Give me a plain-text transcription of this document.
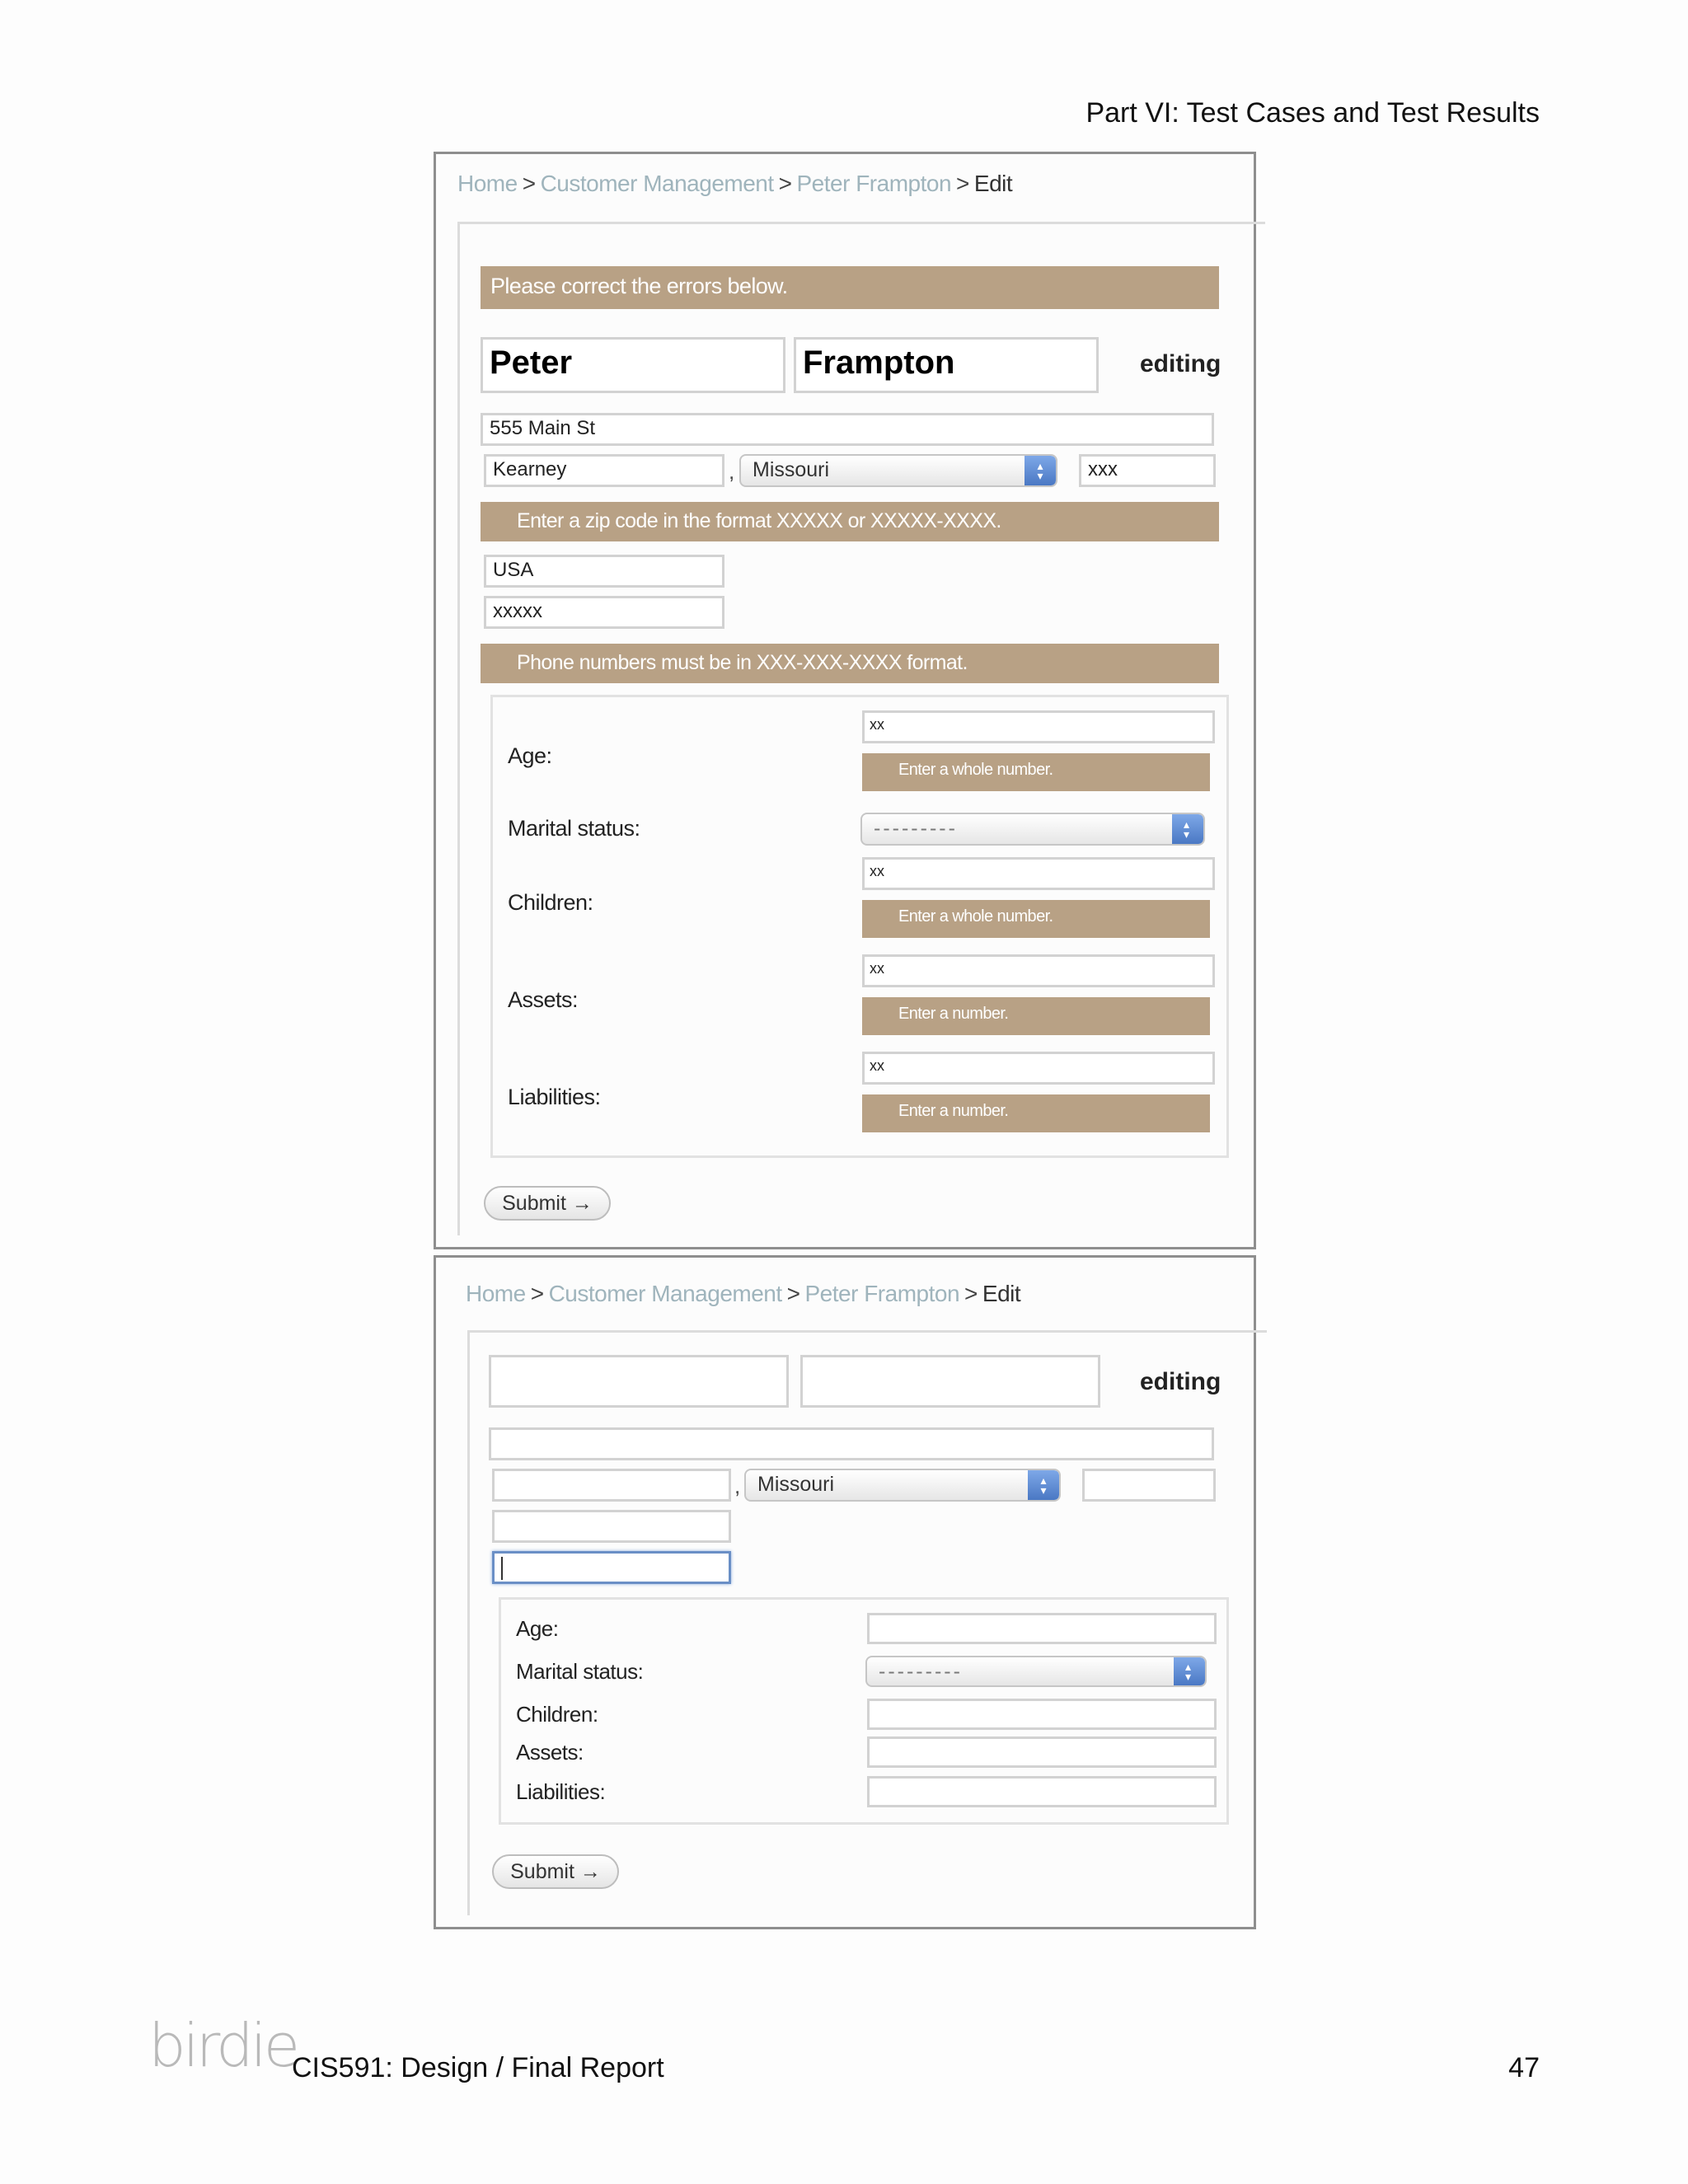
Part VI: Test Cases and Test Results
Home > Customer Management > Peter Frampton > Edit
Please correct the errors below.
Peter	Frampton	editing
555 Main St
Kearney	, Missouri	▴
▾	xxx
Enter a zip code in the format XXXXX or XXXXX-XXXX.
USA
xxxxx
Phone numbers must be in XXX-XXX-XXXX format.
Age:
xx
Enter a whole number.
Marital status:	---------	▴
▾
Children:
xx
Enter a whole number.
Assets:
xx
Enter a number.
Liabilities:
xx
Enter a number.
Submit →
Home > Customer Management > Peter Frampton > Edit
editing
, Missouri	▴
▾
Age:
Marital status:	---------	▴
▾
Children:
Assets:
Liabilities:
Submit →
birdie
CIS591: Design / Final Report	47
